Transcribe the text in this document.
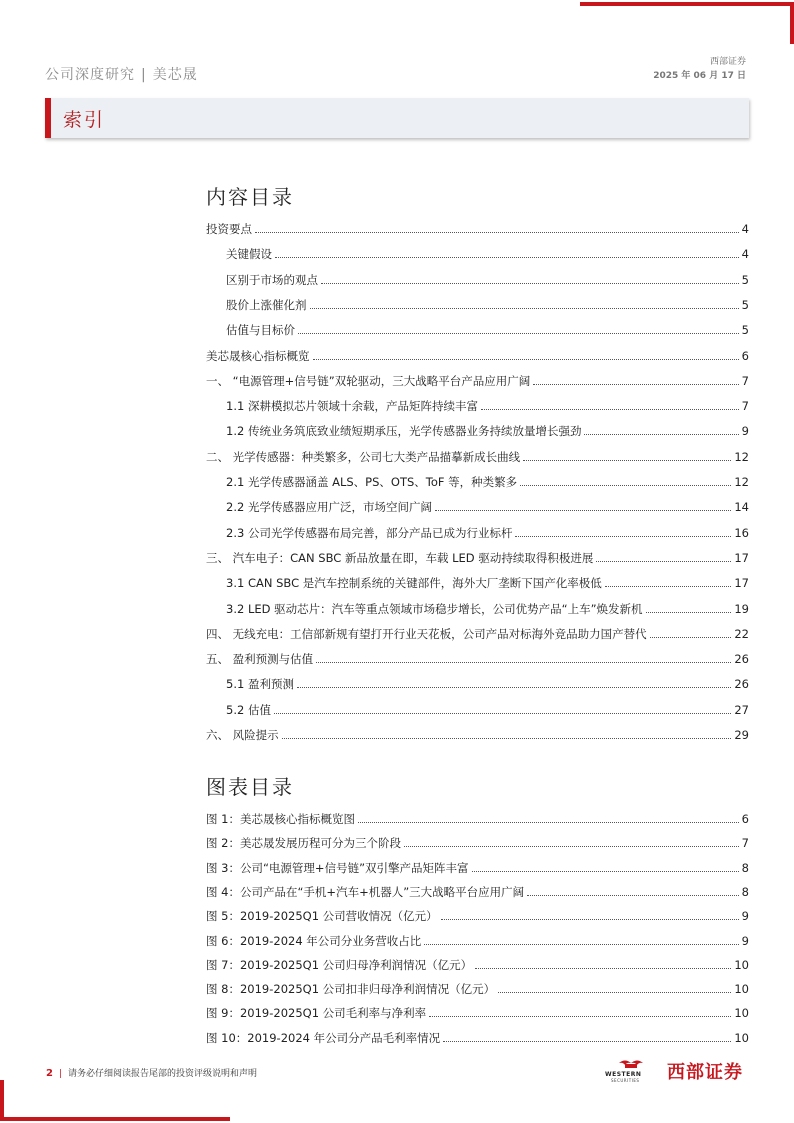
公司深度研究 | 美芯晟
西部证券
2025 年 06 月 17 日
索引
内容目录
投资要点	4
关键假设	4
区别于市场的观点	5
股价上涨催化剂	5
估值与目标价	5
美芯晟核心指标概览	6
一、 “电源管理+信号链”双轮驱动，三大战略平台产品应用广阔	7
1.1 深耕模拟芯片领域十余载，产品矩阵持续丰富	7
1.2 传统业务筑底致业绩短期承压，光学传感器业务持续放量增长强劲	9
二、 光学传感器：种类繁多，公司七大类产品描摹新成长曲线	12
2.1 光学传感器涵盖 ALS、PS、OTS、ToF 等，种类繁多	12
2.2 光学传感器应用广泛，市场空间广阔	14
2.3 公司光学传感器布局完善，部分产品已成为行业标杆	16
三、 汽车电子：CAN SBC 新品放量在即，车载 LED 驱动持续取得积极进展	17
3.1 CAN SBC 是汽车控制系统的关键部件，海外大厂垄断下国产化率极低	17
3.2 LED 驱动芯片：汽车等重点领域市场稳步增长，公司优势产品“上车”焕发新机	19
四、 无线充电：工信部新规有望打开行业天花板，公司产品对标海外竞品助力国产替代	22
五、 盈利预测与估值	26
5.1 盈利预测	26
5.2 估值	27
六、 风险提示	29
图表目录
图 1：美芯晟核心指标概览图	6
图 2：美芯晟发展历程可分为三个阶段	7
图 3：公司“电源管理+信号链”双引擎产品矩阵丰富	8
图 4：公司产品在“手机+汽车+机器人”三大战略平台应用广阔	8
图 5：2019-2025Q1 公司营收情况（亿元）	9
图 6：2019-2024 年公司分业务营收占比	9
图 7：2019-2025Q1 公司归母净利润情况（亿元）	10
图 8：2019-2025Q1 公司扣非归母净利润情况（亿元）	10
图 9：2019-2025Q1 公司毛利率与净利率	10
图 10：2019-2024 年公司分产品毛利率情况	10
2 | 请务必仔细阅读报告尾部的投资评级说明和声明	WESTERN
SECURITIES 西部证券
